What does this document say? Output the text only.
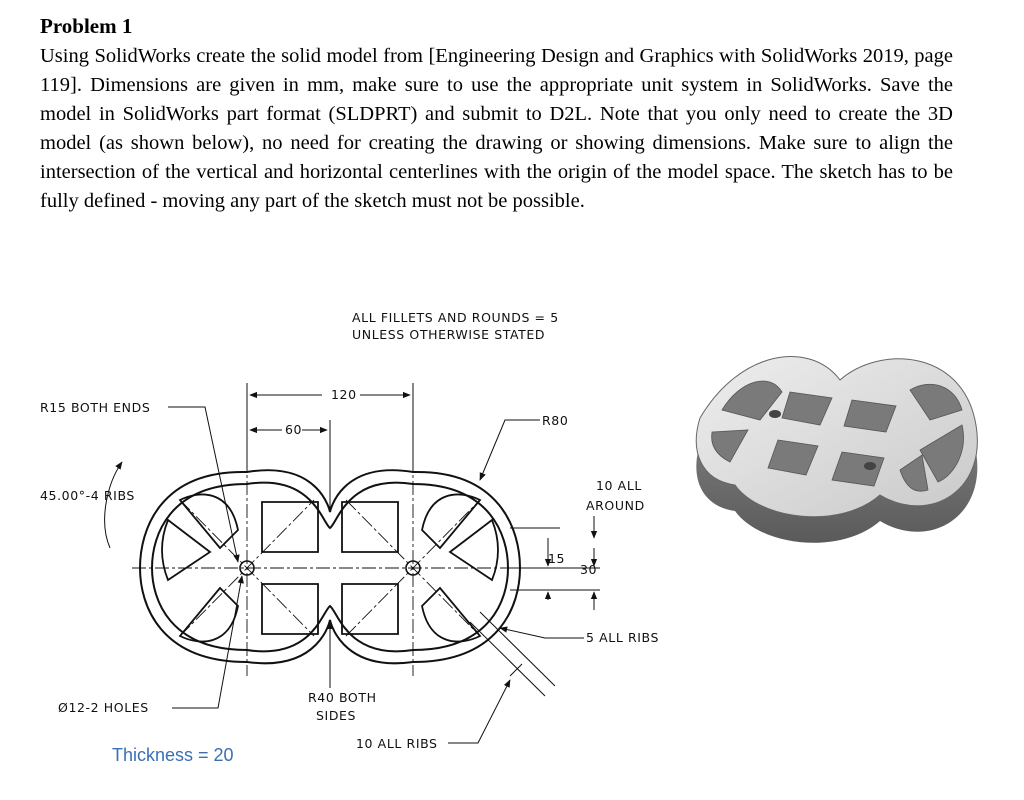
Problem 1

Using SolidWorks create the solid model from [Engineering Design and Graphics with SolidWorks 2019, page 119]. Dimensions are given in mm, make sure to use the appropriate unit system in SolidWorks. Save the model in SolidWorks part format (SLDPRT) and submit to D2L. Note that you only need to create the 3D model (as shown below), no need for creating the drawing or showing dimensions. Make sure to align the intersection of the vertical and horizontal centerlines with the origin of the model space. The sketch has to be fully defined - moving any part of the sketch must not be possible.

ALL FILLETS AND ROUNDS = 5
UNLESS OTHERWISE STATED
120
60
R15 BOTH ENDS
R80
45.00°-4 RIBS
10 ALL
AROUND
15
30
5 ALL RIBS
Ø12-2 HOLES
R40 BOTH
SIDES
10 ALL RIBS
Thickness = 20
